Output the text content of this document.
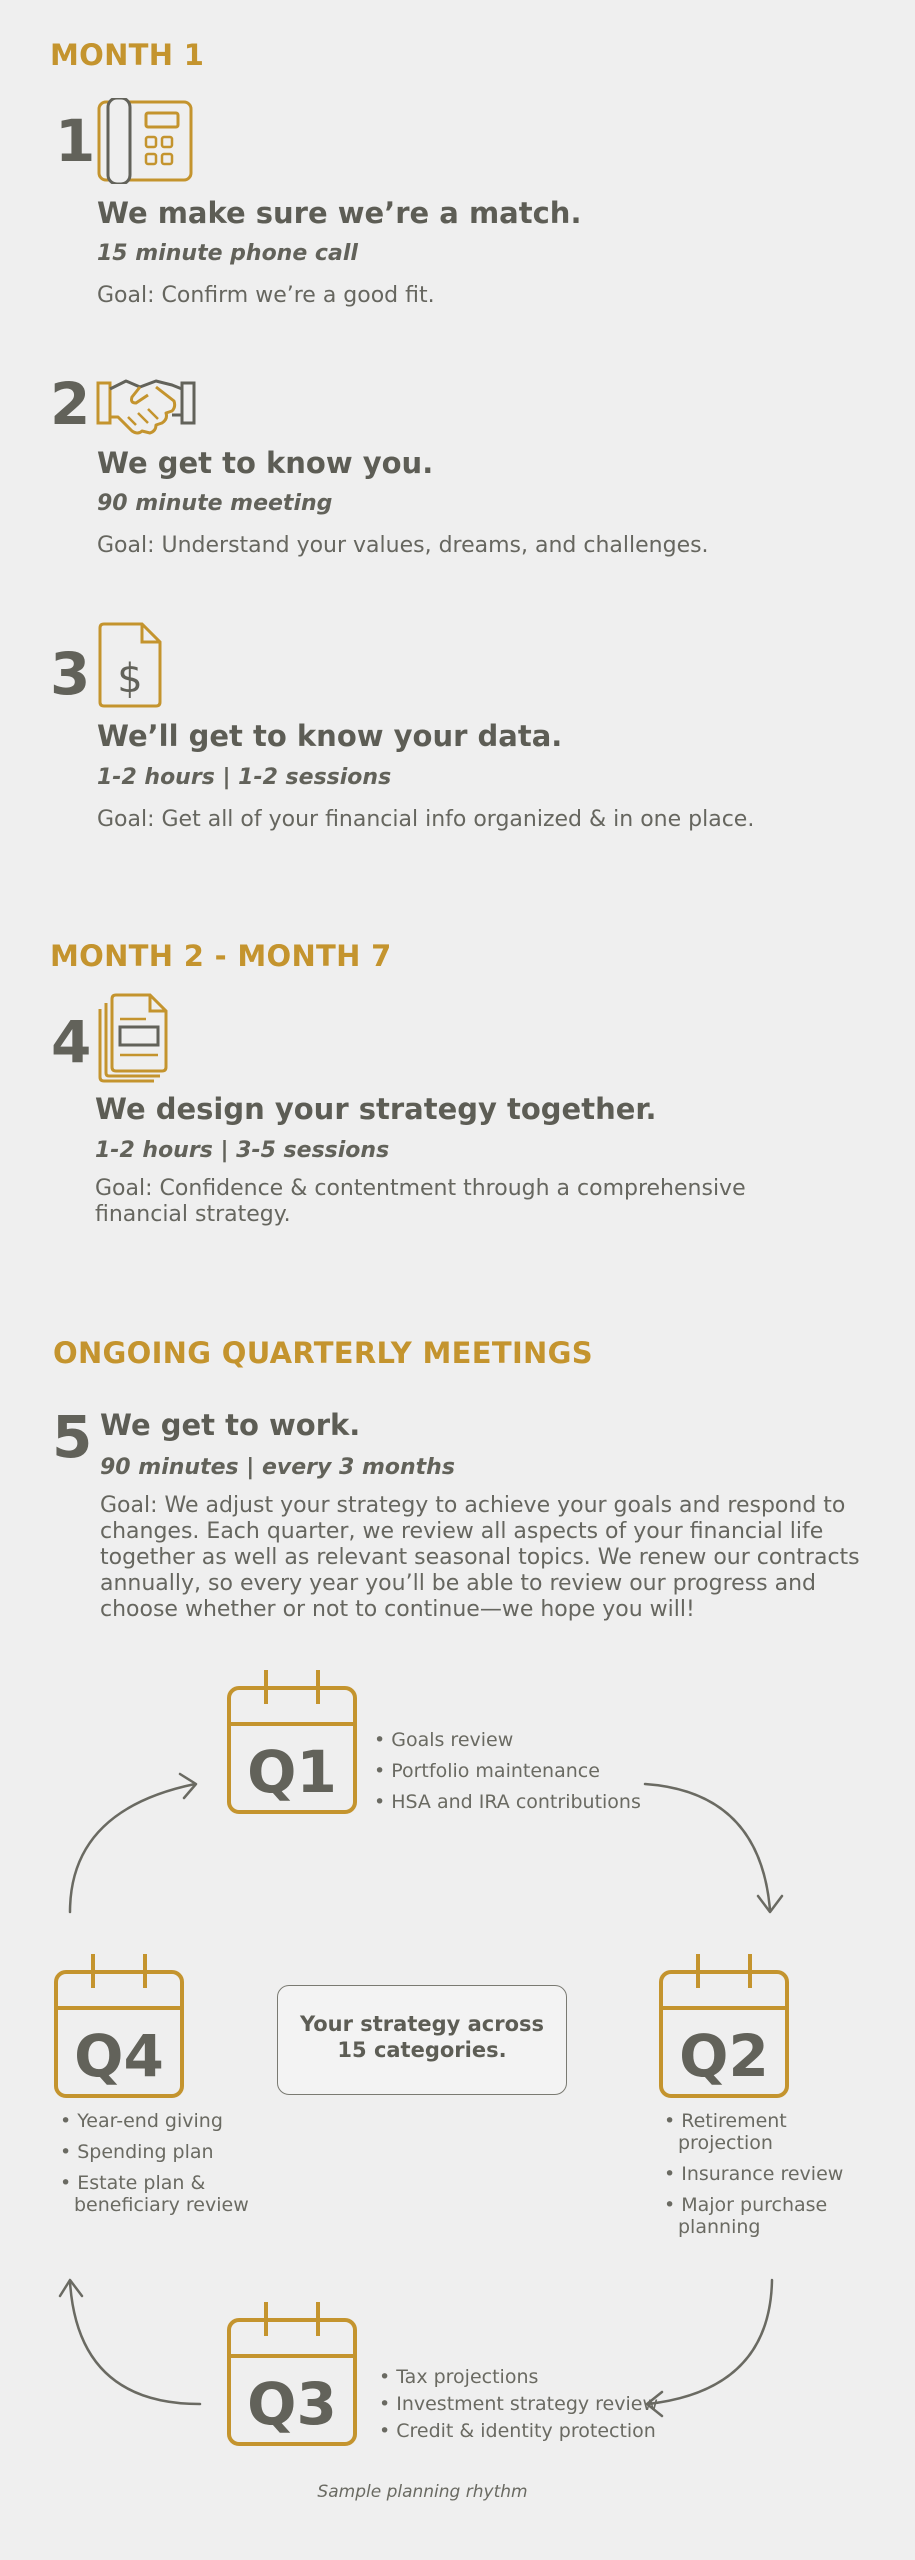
MONTH 1
1
We make sure we’re a match.
15 minute phone call
Goal: Confirm we’re a good fit.
2
We get to know you.
90 minute meeting
Goal: Understand your values, dreams, and challenges.
3 $
We’ll get to know your data.
1-2 hours | 1-2 sessions
Goal: Get all of your financial info organized & in one place.
MONTH 2 - MONTH 7
4
We design your strategy together.
1-2 hours | 3-5 sessions
Goal: Confidence & contentment through a comprehensive
financial strategy.
ONGOING QUARTERLY MEETINGS
5 We get to work.
90 minutes | every 3 months
Goal: We adjust your strategy to achieve your goals and respond to
changes. Each quarter, we review all aspects of your financial life
together as well as relevant seasonal topics. We renew our contracts
annually, so every year you’ll be able to review our progress and
choose whether or not to continue—we hope you will!
Q1	• Goals review
• Portfolio maintenance
• HSA and IRA contributions
Q2
• Retirement projection
• Insurance review
• Major purchase planning
Q3	• Tax projections
• Investment strategy review
• Credit & identity protection
Q4
• Year-end giving
• Spending plan
• Estate plan & beneficiary review
Your strategy across
15 categories.
Sample planning rhythm
